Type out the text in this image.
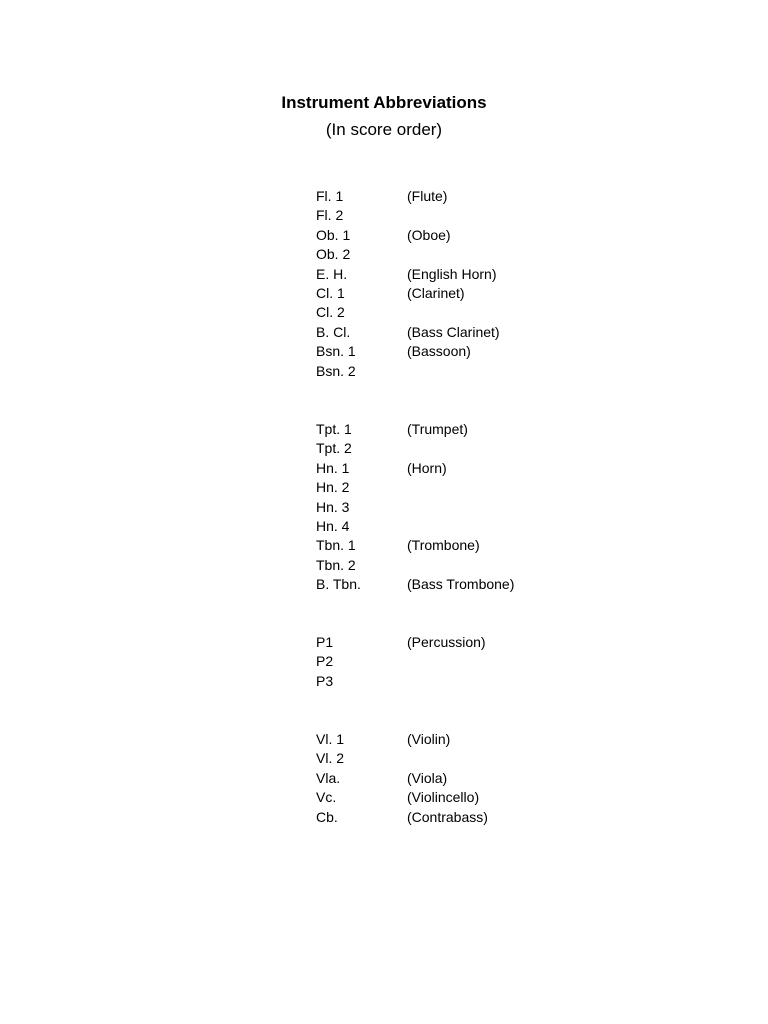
Instrument Abbreviations
(In score order)
Fl. 1	(Flute)
Fl. 2
Ob. 1	(Oboe)
Ob. 2
E. H.	(English Horn)
Cl. 1	(Clarinet)
Cl. 2
B. Cl.	(Bass Clarinet)
Bsn. 1	(Bassoon)
Bsn. 2
Tpt. 1	(Trumpet)
Tpt. 2
Hn. 1	(Horn)
Hn. 2
Hn. 3
Hn. 4
Tbn. 1	(Trombone)
Tbn. 2
B. Tbn.	(Bass Trombone)
P1	(Percussion)
P2
P3
Vl. 1	(Violin)
Vl. 2
Vla.	(Viola)
Vc.	(Violincello)
Cb.	(Contrabass)
